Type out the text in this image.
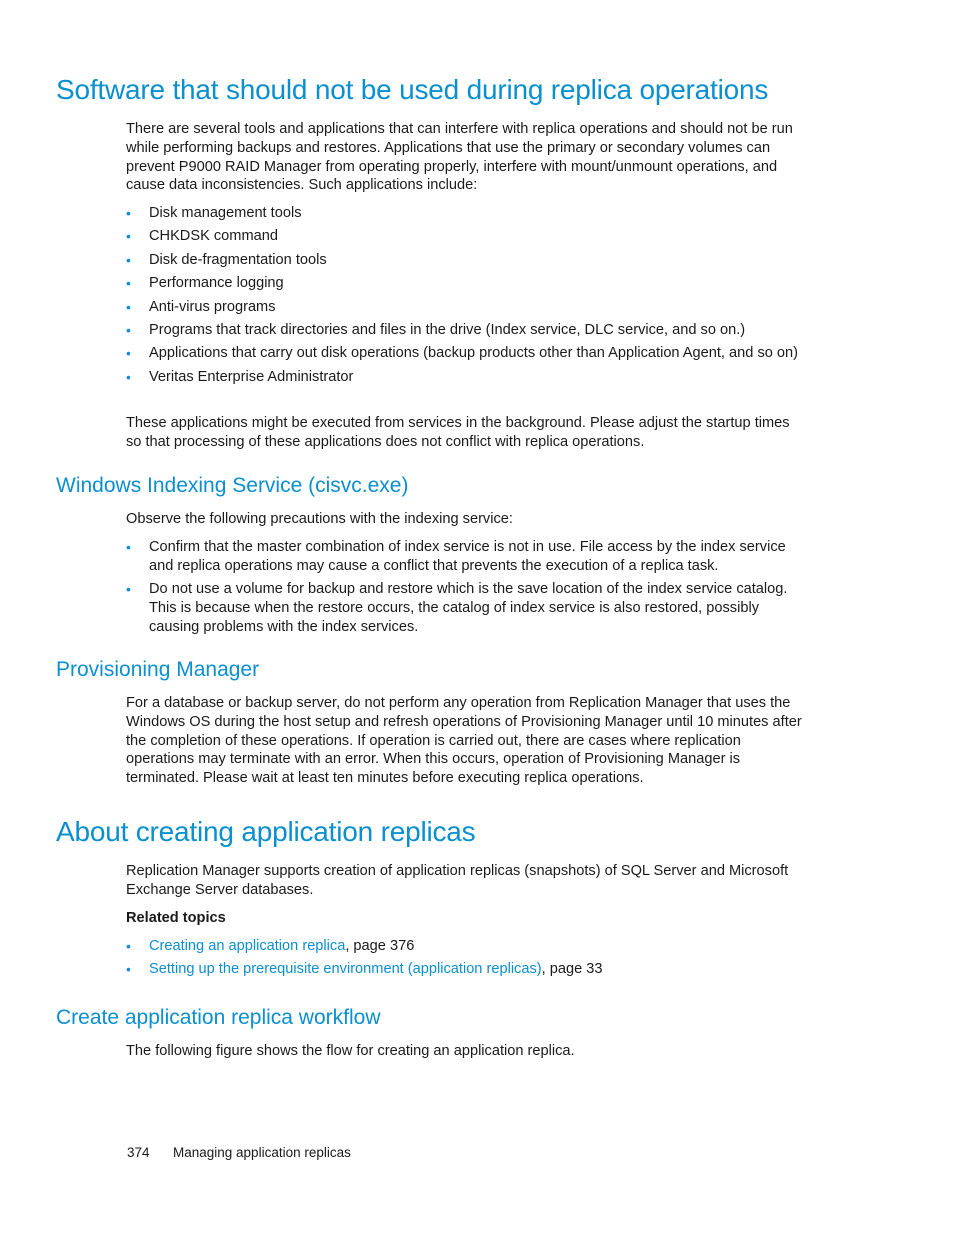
Software that should not be used during replica operations

There are several tools and applications that can interfere with replica operations and should not be run while performing backups and restores. Applications that use the primary or secondary volumes can prevent P9000 RAID Manager from operating properly, interfere with mount/unmount operations, and cause data inconsistencies. Such applications include:

• Disk management tools
• CHKDSK command
• Disk de-fragmentation tools
• Performance logging
• Anti-virus programs
• Programs that track directories and files in the drive (Index service, DLC service, and so on.)
• Applications that carry out disk operations (backup products other than Application Agent, and so on)
• Veritas Enterprise Administrator

These applications might be executed from services in the background. Please adjust the startup times so that processing of these applications does not conflict with replica operations.

Windows Indexing Service (cisvc.exe)

Observe the following precautions with the indexing service:

• Confirm that the master combination of index service is not in use. File access by the index service and replica operations may cause a conflict that prevents the execution of a replica task.
• Do not use a volume for backup and restore which is the save location of the index service catalog. This is because when the restore occurs, the catalog of index service is also restored, possibly causing problems with the index services.
Provisioning Manager

For a database or backup server, do not perform any operation from Replication Manager that uses the Windows OS during the host setup and refresh operations of Provisioning Manager until 10 minutes after the completion of these operations. If operation is carried out, there are cases where replication operations may terminate with an error. When this occurs, operation of Provisioning Manager is terminated. Please wait at least ten minutes before executing replica operations.

About creating application replicas

Replication Manager supports creation of application replicas (snapshots) of SQL Server and Microsoft Exchange Server databases.

Related topics

• Creating an application replica, page 376
• Setting up the prerequisite environment (application replicas), page 33
Create application replica workflow

The following figure shows the flow for creating an application replica.

374 Managing application replicas
